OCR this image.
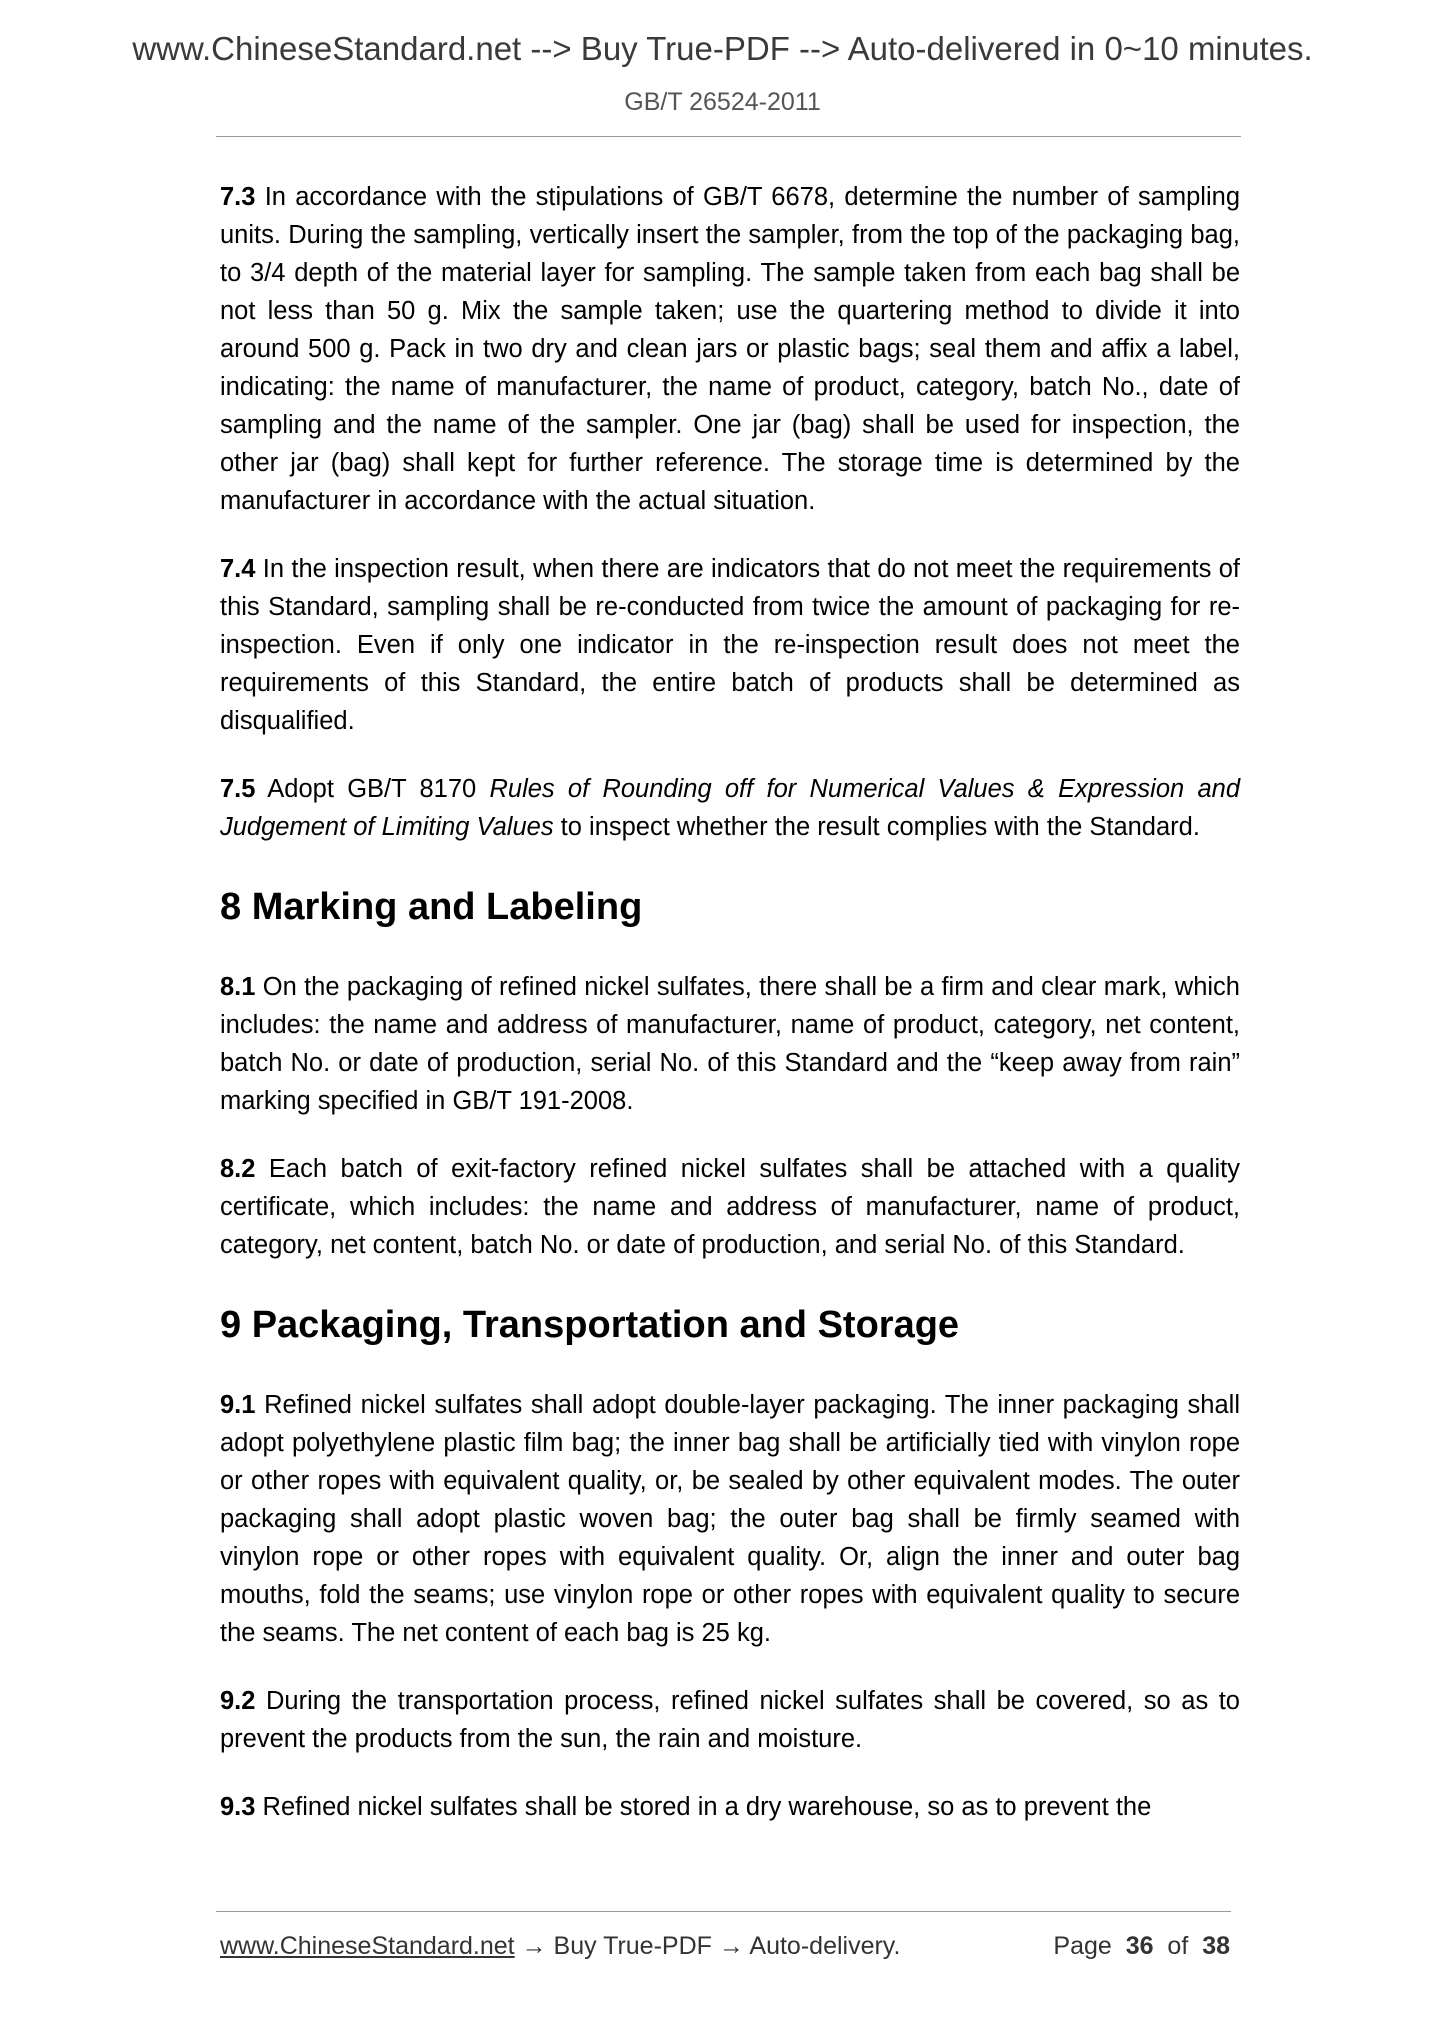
www.ChineseStandard.net --> Buy True-PDF --> Auto-delivered in 0~10 minutes.
GB/T 26524-2011

7.3 In accordance with the stipulations of GB/T 6678, determine the number of sampling units. During the sampling, vertically insert the sampler, from the top of the packaging bag, to 3/4 depth of the material layer for sampling. The sample taken from each bag shall be not less than 50 g. Mix the sample taken; use the quartering method to divide it into around 500 g. Pack in two dry and clean jars or plastic bags; seal them and affix a label, indicating: the name of manufacturer, the name of product, category, batch No., date of sampling and the name of the sampler. One jar (bag) shall be used for inspection, the other jar (bag) shall kept for further reference. The storage time is determined by the manufacturer in accordance with the actual situation.

7.4 In the inspection result, when there are indicators that do not meet the requirements of this Standard, sampling shall be re-conducted from twice the amount of packaging for re-inspection. Even if only one indicator in the re-inspection result does not meet the requirements of this Standard, the entire batch of products shall be determined as disqualified.

7.5 Adopt GB/T 8170 Rules of Rounding off for Numerical Values & Expression and Judgement of Limiting Values to inspect whether the result complies with the Standard.

8 Marking and Labeling

8.1 On the packaging of refined nickel sulfates, there shall be a firm and clear mark, which includes: the name and address of manufacturer, name of product, category, net content, batch No. or date of production, serial No. of this Standard and the “keep away from rain” marking specified in GB/T 191-2008.

8.2 Each batch of exit-factory refined nickel sulfates shall be attached with a quality certificate, which includes: the name and address of manufacturer, name of product, category, net content, batch No. or date of production, and serial No. of this Standard.

9 Packaging, Transportation and Storage

9.1 Refined nickel sulfates shall adopt double-layer packaging. The inner packaging shall adopt polyethylene plastic film bag; the inner bag shall be artificially tied with vinylon rope or other ropes with equivalent quality, or, be sealed by other equivalent modes. The outer packaging shall adopt plastic woven bag; the outer bag shall be firmly seamed with vinylon rope or other ropes with equivalent quality. Or, align the inner and outer bag mouths, fold the seams; use vinylon rope or other ropes with equivalent quality to secure the seams. The net content of each bag is 25 kg.

9.2 During the transportation process, refined nickel sulfates shall be covered, so as to prevent the products from the sun, the rain and moisture.

9.3 Refined nickel sulfates shall be stored in a dry warehouse, so as to prevent the

www.ChineseStandard.net → Buy True-PDF → Auto-delivery.	Page 36 of 38
